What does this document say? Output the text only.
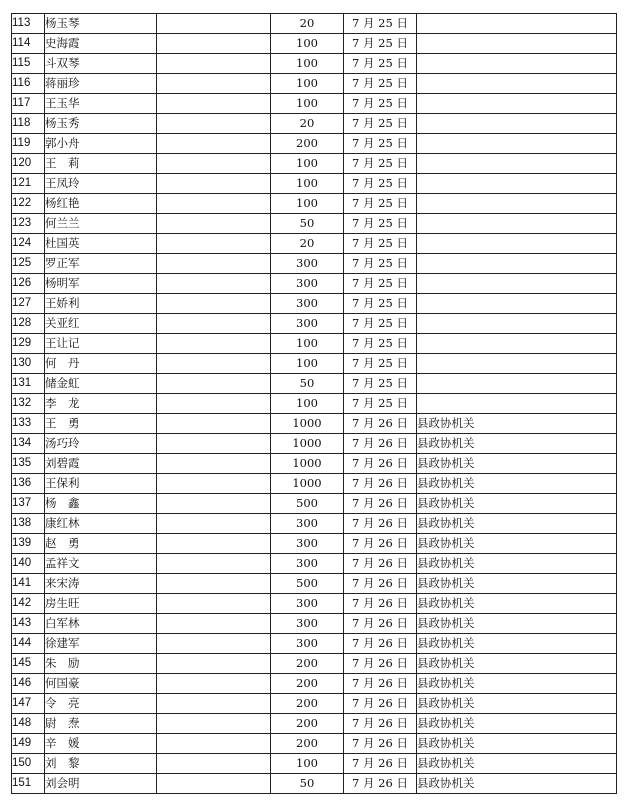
113	杨玉琴		20	7 月 25 日	
114	史海霞		100	7 月 25 日	
115	斗双琴		100	7 月 25 日	
116	蒋丽珍		100	7 月 25 日	
117	王玉华		100	7 月 25 日	
118	杨玉秀		20	7 月 25 日	
119	郭小舟		200	7 月 25 日	
120	王　莉		100	7 月 25 日	
121	王凤玲		100	7 月 25 日	
122	杨红艳		100	7 月 25 日	
123	何兰兰		50	7 月 25 日	
124	杜国英		20	7 月 25 日	
125	罗正军		300	7 月 25 日	
126	杨明军		300	7 月 25 日	
127	王娇利		300	7 月 25 日	
128	关亚红		300	7 月 25 日	
129	王让记		100	7 月 25 日	
130	何　丹		100	7 月 25 日	
131	储金虹		50	7 月 25 日	
132	李　龙		100	7 月 25 日	
133	王　勇		1000	7 月 26 日	县政协机关
134	汤巧玲		1000	7 月 26 日	县政协机关
135	刘碧霞		1000	7 月 26 日	县政协机关
136	王保利		1000	7 月 26 日	县政协机关
137	杨　鑫		500	7 月 26 日	县政协机关
138	康红林		300	7 月 26 日	县政协机关
139	赵　勇		300	7 月 26 日	县政协机关
140	孟祥文		300	7 月 26 日	县政协机关
141	来宋涛		500	7 月 26 日	县政协机关
142	房生旺		300	7 月 26 日	县政协机关
143	白军林		300	7 月 26 日	县政协机关
144	徐建军		300	7 月 26 日	县政协机关
145	朱　励		200	7 月 26 日	县政协机关
146	何国豪		200	7 月 26 日	县政协机关
147	令　亮		200	7 月 26 日	县政协机关
148	尉　焘		200	7 月 26 日	县政协机关
149	辛　媛		200	7 月 26 日	县政协机关
150	刘　黎		100	7 月 26 日	县政协机关
151	刘会明		50	7 月 26 日	县政协机关
